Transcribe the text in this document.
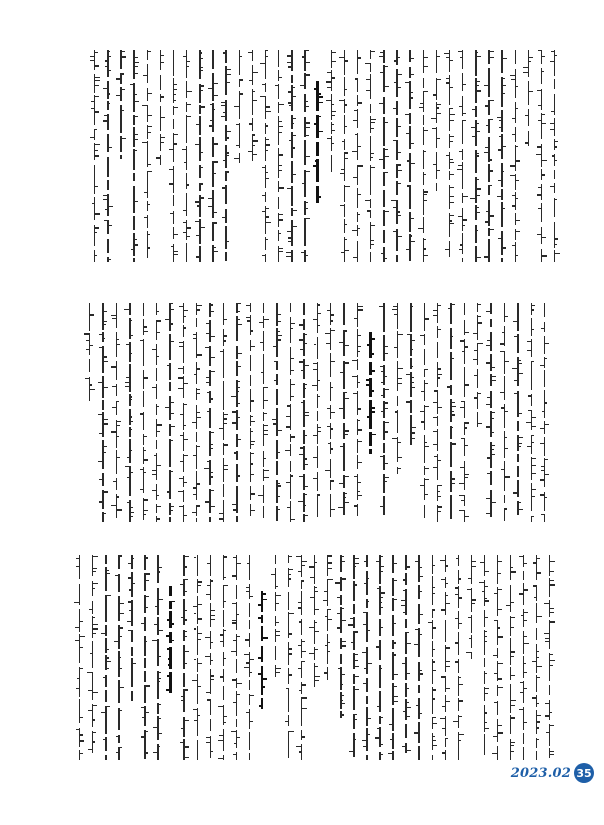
2023.02 35
